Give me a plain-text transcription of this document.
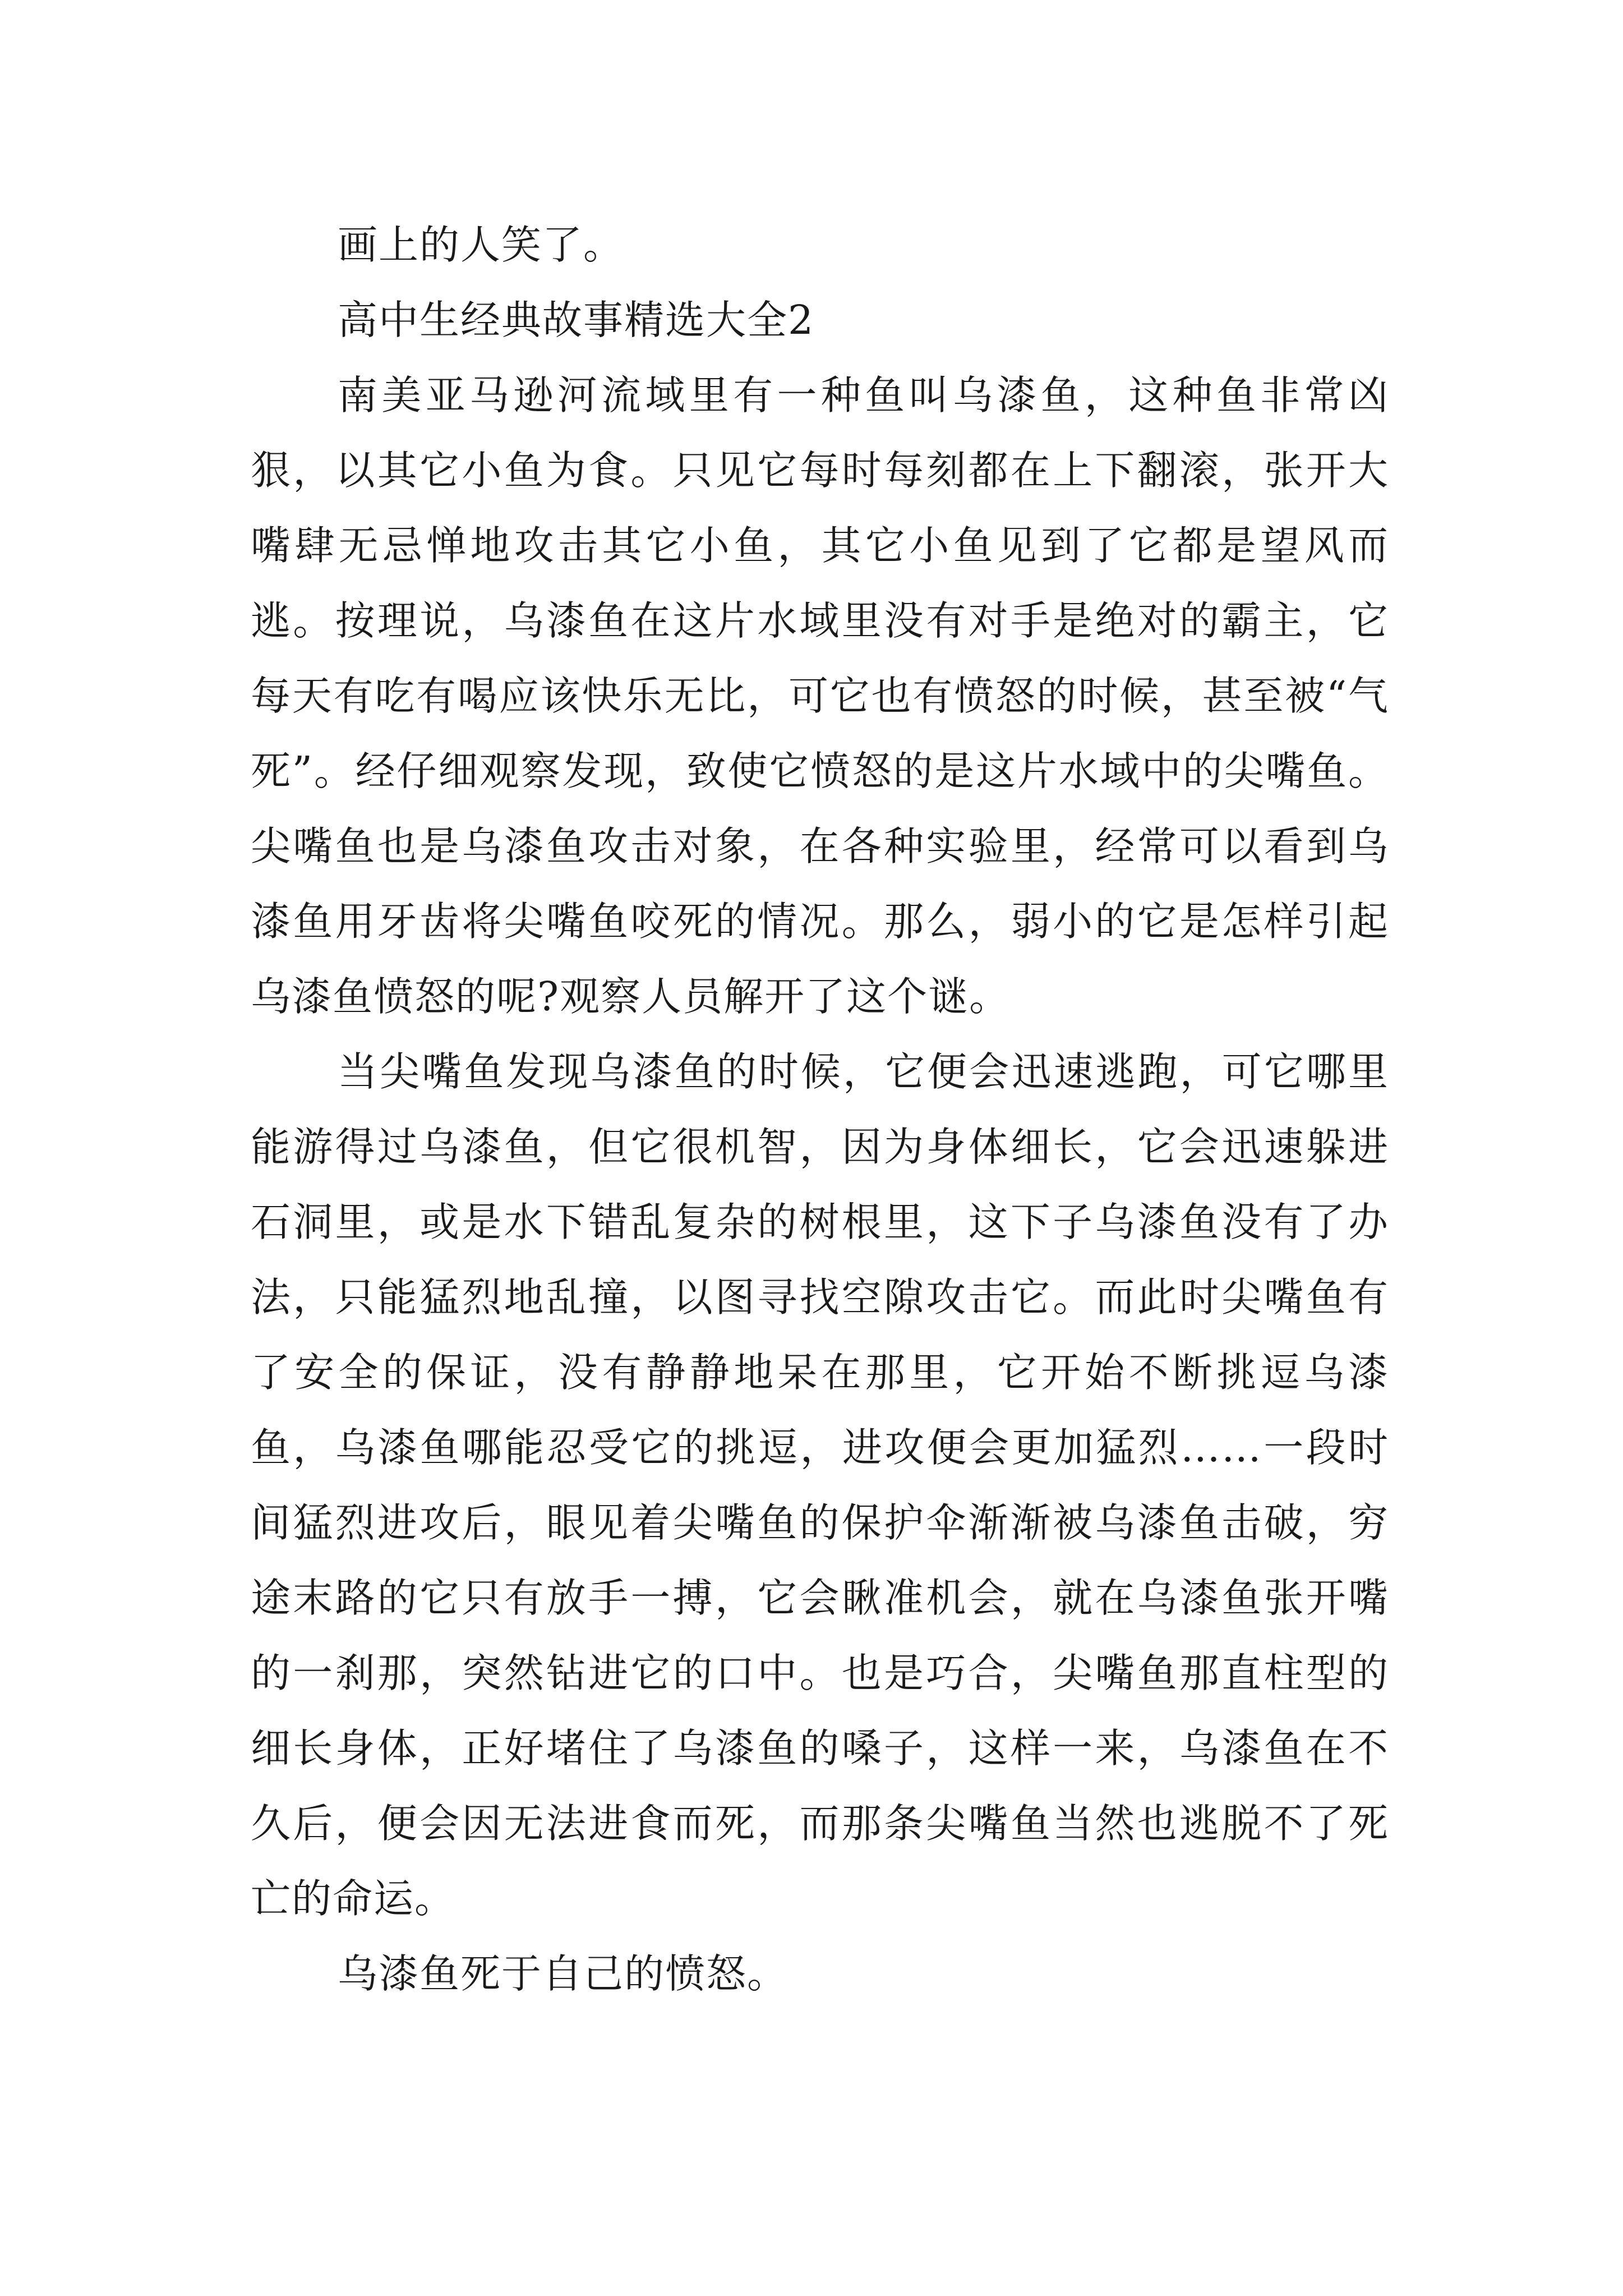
画上的人笑了。

高中生经典故事精选大全2

南美亚马逊河流域里有一种鱼叫乌漆鱼，这种鱼非常凶狠，以其它小鱼为食。只见它每时每刻都在上下翻滚，张开大嘴肆无忌惮地攻击其它小鱼，其它小鱼见到了它都是望风而逃。按理说，乌漆鱼在这片水域里没有对手是绝对的霸主，它每天有吃有喝应该快乐无比，可它也有愤怒的时候，甚至被“气死”。经仔细观察发现，致使它愤怒的是这片水域中的尖嘴鱼。尖嘴鱼也是乌漆鱼攻击对象，在各种实验里，经常可以看到乌漆鱼用牙齿将尖嘴鱼咬死的情况。那么，弱小的它是怎样引起乌漆鱼愤怒的呢?观察人员解开了这个谜。

当尖嘴鱼发现乌漆鱼的时候，它便会迅速逃跑，可它哪里能游得过乌漆鱼，但它很机智，因为身体细长，它会迅速躲进石洞里，或是水下错乱复杂的树根里，这下子乌漆鱼没有了办法，只能猛烈地乱撞，以图寻找空隙攻击它。而此时尖嘴鱼有了安全的保证，没有静静地呆在那里，它开始不断挑逗乌漆鱼，乌漆鱼哪能忍受它的挑逗，进攻便会更加猛烈……一段时间猛烈进攻后，眼见着尖嘴鱼的保护伞渐渐被乌漆鱼击破，穷途末路的它只有放手一搏，它会瞅准机会，就在乌漆鱼张开嘴的一刹那，突然钻进它的口中。也是巧合，尖嘴鱼那直柱型的细长身体，正好堵住了乌漆鱼的嗓子，这样一来，乌漆鱼在不久后，便会因无法进食而死，而那条尖嘴鱼当然也逃脱不了死亡的命运。

乌漆鱼死于自己的愤怒。
